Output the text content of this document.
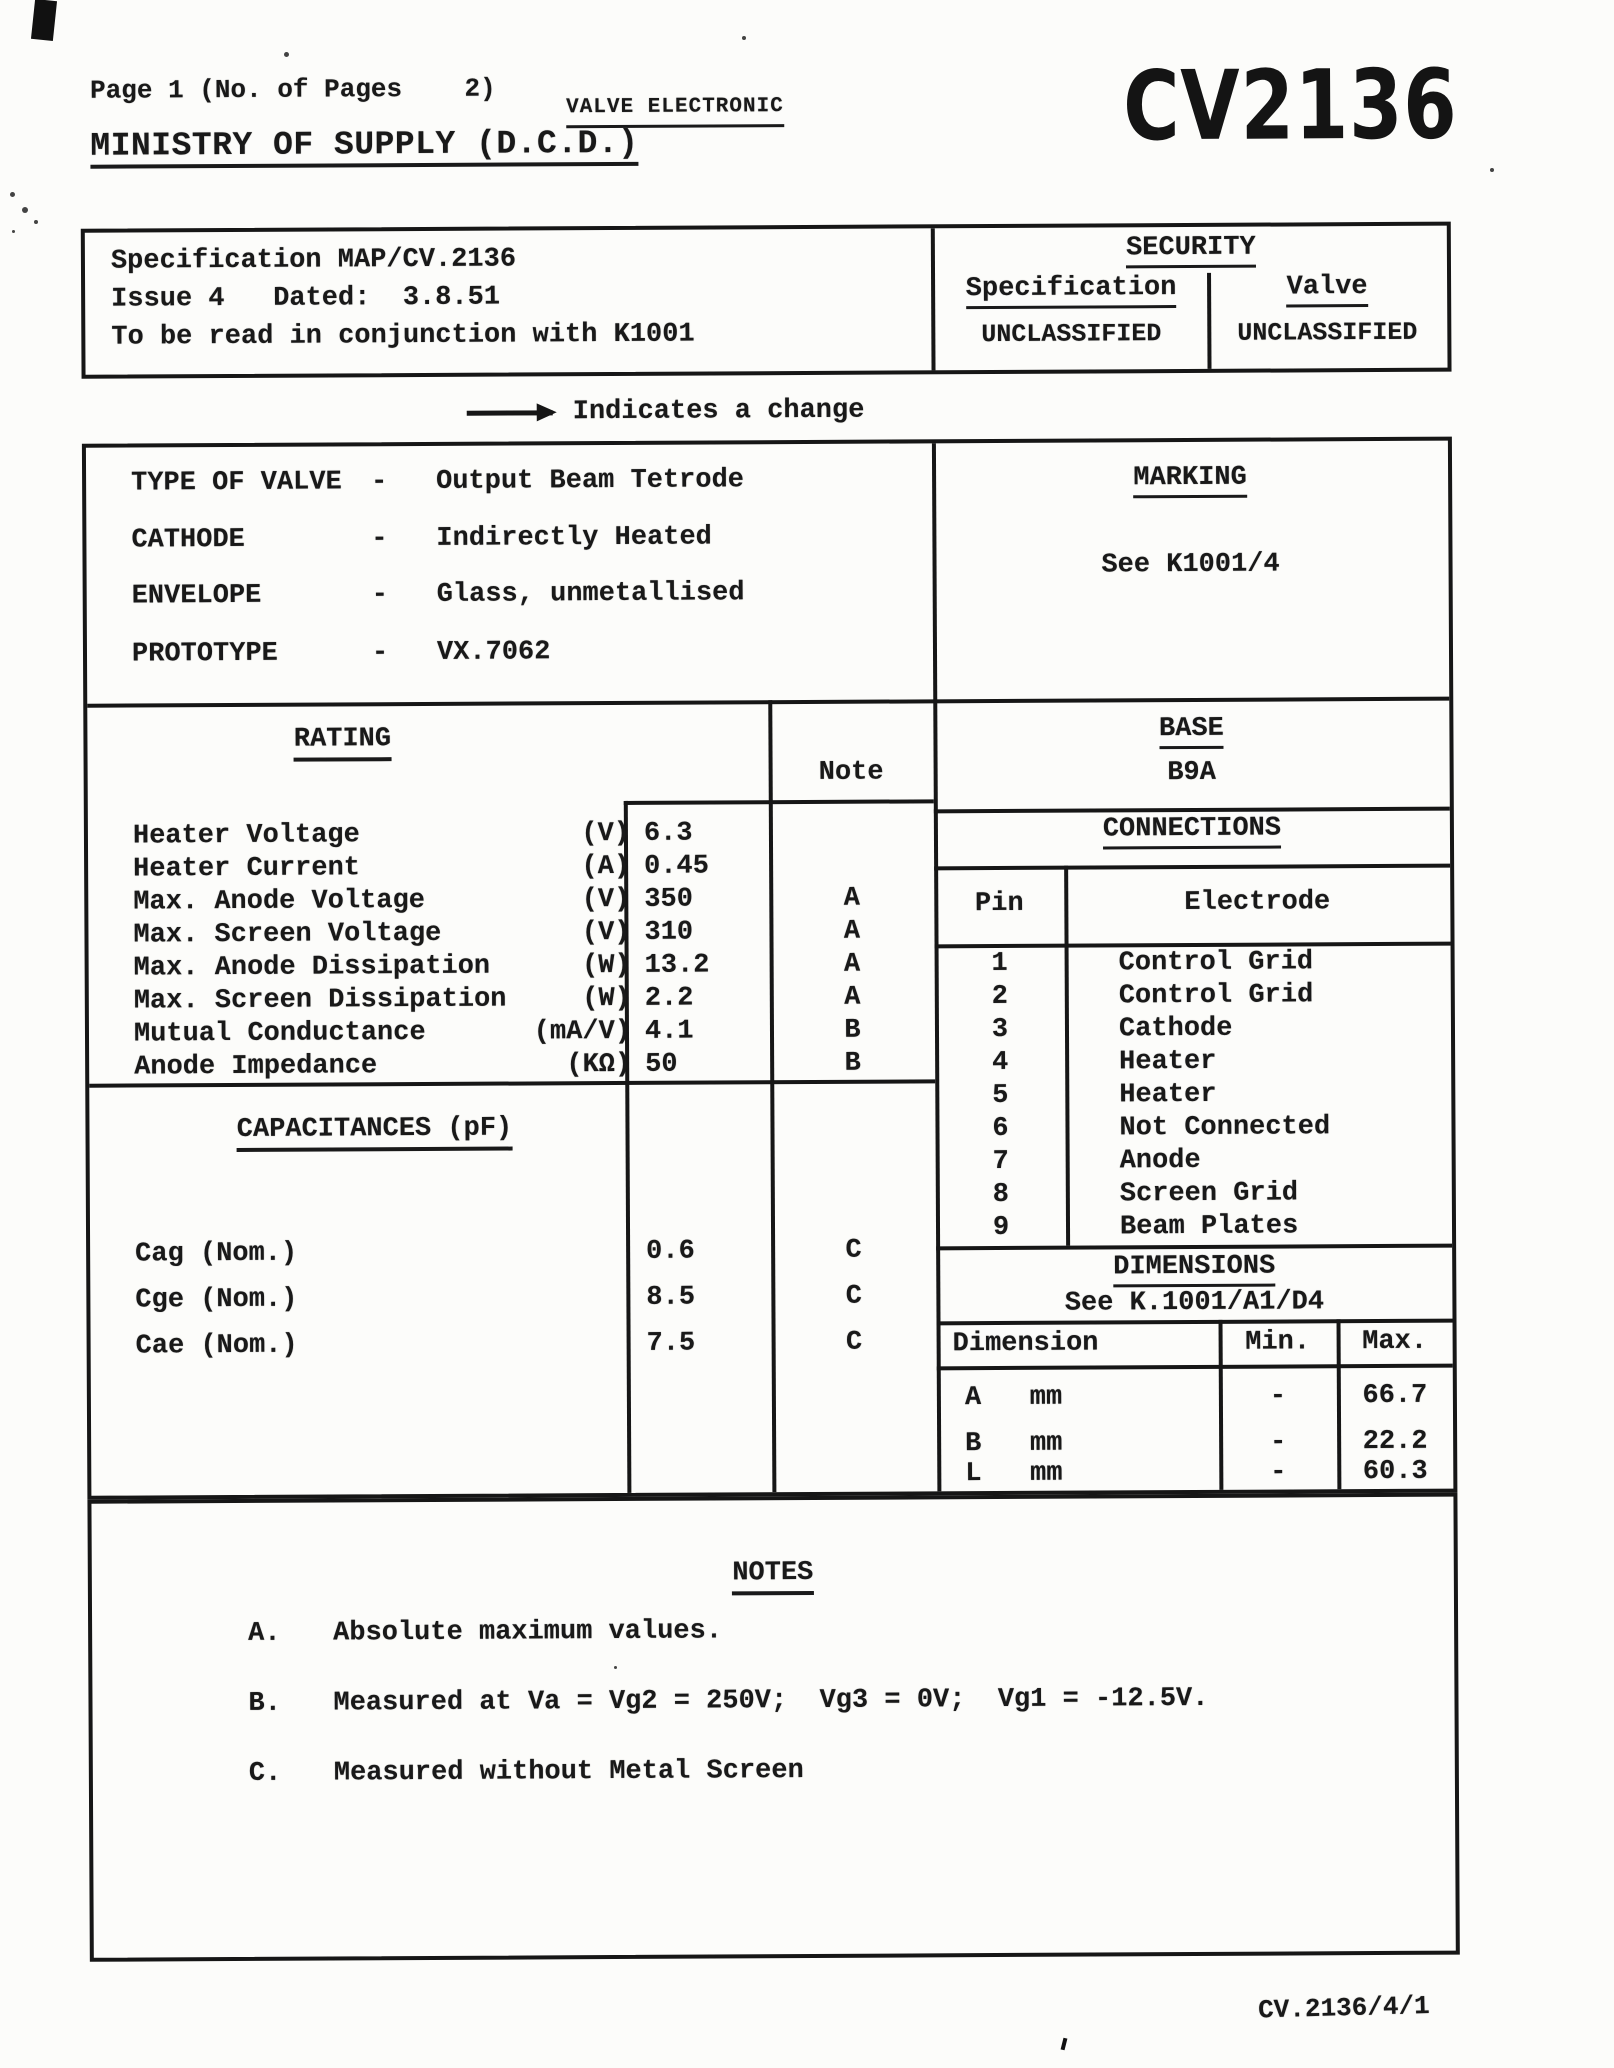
Page 1 (No. of Pages    2)
VALVE ELECTRONIC	CV2136
MINISTRY OF SUPPLY (D.C.D.)
Specification MAP/CV.2136
Issue 4   Dated:  3.8.51
To be read in conjunction with K1001
SECURITY
Specification	Valve
UNCLASSIFIED	UNCLASSIFIED
Indicates a change
TYPE OF VALVE - Output Beam Tetrode
CATHODE	- Indirectly Heated
ENVELOPE	- Glass, unmetallised
PROTOTYPE	- VX.7062
RATING
Note
Heater Voltage	(V) 6.3
Heater Current	(A) 0.45
Max. Anode Voltage	(V) 350	A
Max. Screen Voltage	(V) 310	A
Max. Anode Dissipation	(W) 13.2	A
Max. Screen Dissipation	(W) 2.2	A
Mutual Conductance	(mA/V) 4.1	B
Anode Impedance	(KΩ) 50	B
CAPACITANCES (pF)
Cag (Nom.)	0.6	C
Cge (Nom.)	8.5	C
Cae (Nom.)	7.5	C
MARKING
See K1001/4
BASE
B9A
CONNECTIONS
Pin	Electrode
1	Control Grid
2	Control Grid
3	Cathode
4	Heater
5	Heater
6	Not Connected
7	Anode
8	Screen Grid
9	Beam Plates
DIMENSIONS
See K.1001/A1/D4
Dimension	Min.	Max.
A   mm	-	66.7
B   mm	-	22.2
L   mm	-	60.3
NOTES
A. Absolute maximum values.
B. Measured at Va = Vg2 = 250V;  Vg3 = 0V;  Vg1 = -12.5V.
C. Measured without Metal Screen
CV.2136/4/1
